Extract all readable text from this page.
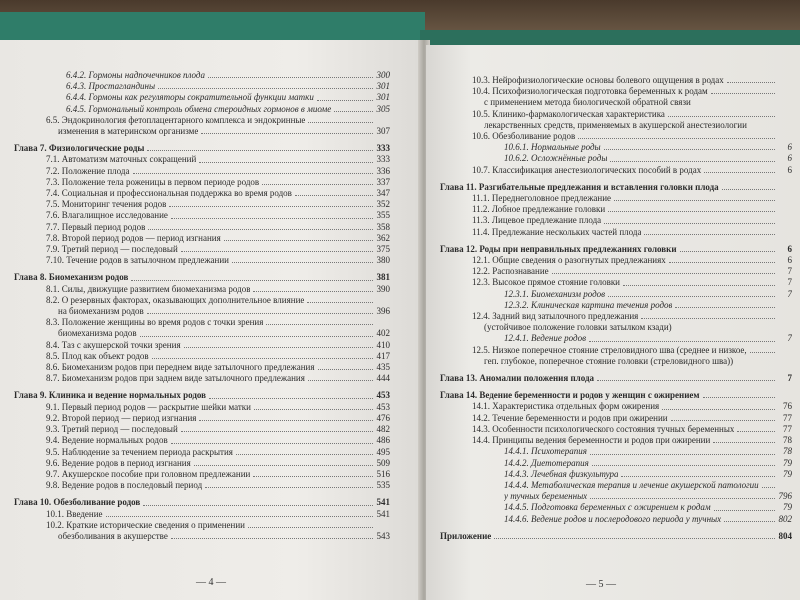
6.4.2. Гормоны надпочечников плода	300
6.4.3. Простагландины	301
6.4.4. Гормоны как регуляторы сократительной функции матки	301
6.4.5. Гормональный контроль обмена стероидных гормонов в миоме	305
6.5. Эндокринология фетоплацентарного комплекса и эндокринные
изменения в материнском организме	307
Глава 7. Физиологические роды	333
7.1. Автоматизм маточных сокращений	333
7.2. Положение плода	336
7.3. Положение тела роженицы в первом периоде родов	337
7.4. Социальная и профессиональная поддержка во время родов	347
7.5. Мониторинг течения родов	352
7.6. Влагалищное исследование	355
7.7. Первый период родов	358
7.8. Второй период родов — период изгнания	362
7.9. Третий период — последовый	375
7.10. Течение родов в затылочном предлежании	380
Глава 8. Биомеханизм родов	381
8.1. Силы, движущие развитием биомеханизма родов	390
8.2. О резервных факторах, оказывающих дополнительное влияние
на биомеханизм родов	396
8.3. Положение женщины во время родов с точки зрения
биомеханизма родов	402
8.4. Таз с акушерской точки зрения	410
8.5. Плод как объект родов	417
8.6. Биомеханизм родов при переднем виде затылочного предлежания	435
8.7. Биомеханизм родов при заднем виде затылочного предлежания	444
Глава 9. Клиника и ведение нормальных родов	453
9.1. Первый период родов — раскрытие шейки матки	453
9.2. Второй период — период изгнания	476
9.3. Третий период — последовый	482
9.4. Ведение нормальных родов	486
9.5. Наблюдение за течением периода раскрытия	495
9.6. Ведение родов в период изгнания	509
9.7. Акушерское пособие при головном предлежании	516
9.8. Ведение родов в последовый период	535
Глава 10. Обезболивание родов	541
10.1. Введение	541
10.2. Краткие исторические сведения о применении
обезболивания в акушерстве	543
— 4 —
10.3. Нейрофизиологические основы болевого ощущения в родах
10.4. Психофизиологическая подготовка беременных к родам
с применением метода биологической обратной связи
10.5. Клинико-фармакологическая характеристика
лекарственных средств, применяемых в акушерской анестезиологии
10.6. Обезболивание родов
10.6.1. Нормальные роды	6
10.6.2. Осложнённые роды	6
10.7. Классификация анестезиологических пособий в родах	6
Глава 11. Разгибательные предлежания и вставления головки плода
11.1. Переднеголовное предлежание
11.2. Лобное предлежание головки
11.3. Лицевое предлежание плода
11.4. Предлежание нескольких частей плода
Глава 12. Роды при неправильных предлежаниях головки	6
12.1. Общие сведения о разогнутых предлежаниях	6
12.2. Распознавание	7
12.3. Высокое прямое стояние головки	7
12.3.1. Биомеханизм родов	7
12.3.2. Клиническая картина течения родов
12.4. Задний вид затылочного предлежания
(устойчивое положение головки затылком кзади)
12.4.1. Ведение родов	7
12.5. Низкое поперечное стояние стреловидного шва (среднее и низкое,
геп. глубокое, поперечное стояние головки (стреловидного шва))
Глава 13. Аномалии положения плода	7
Глава 14. Ведение беременности и родов у женщин с ожирением
14.1. Характеристика отдельных форм ожирения	76
14.2. Течение беременности и родов при ожирении	77
14.3. Особенности психологического состояния тучных беременных	77
14.4. Принципы ведения беременности и родов при ожирении	78
14.4.1. Психотерапия	78
14.4.2. Диетотерапия	79
14.4.3. Лечебная физкультура	79
14.4.4. Метаболическая терапия и лечение акушерской патологии
у тучных беременных	796
14.4.5. Подготовка беременных с ожирением к родам	79
14.4.6. Ведение родов и послеродового периода у тучных	802
Приложение	804
— 5 —
